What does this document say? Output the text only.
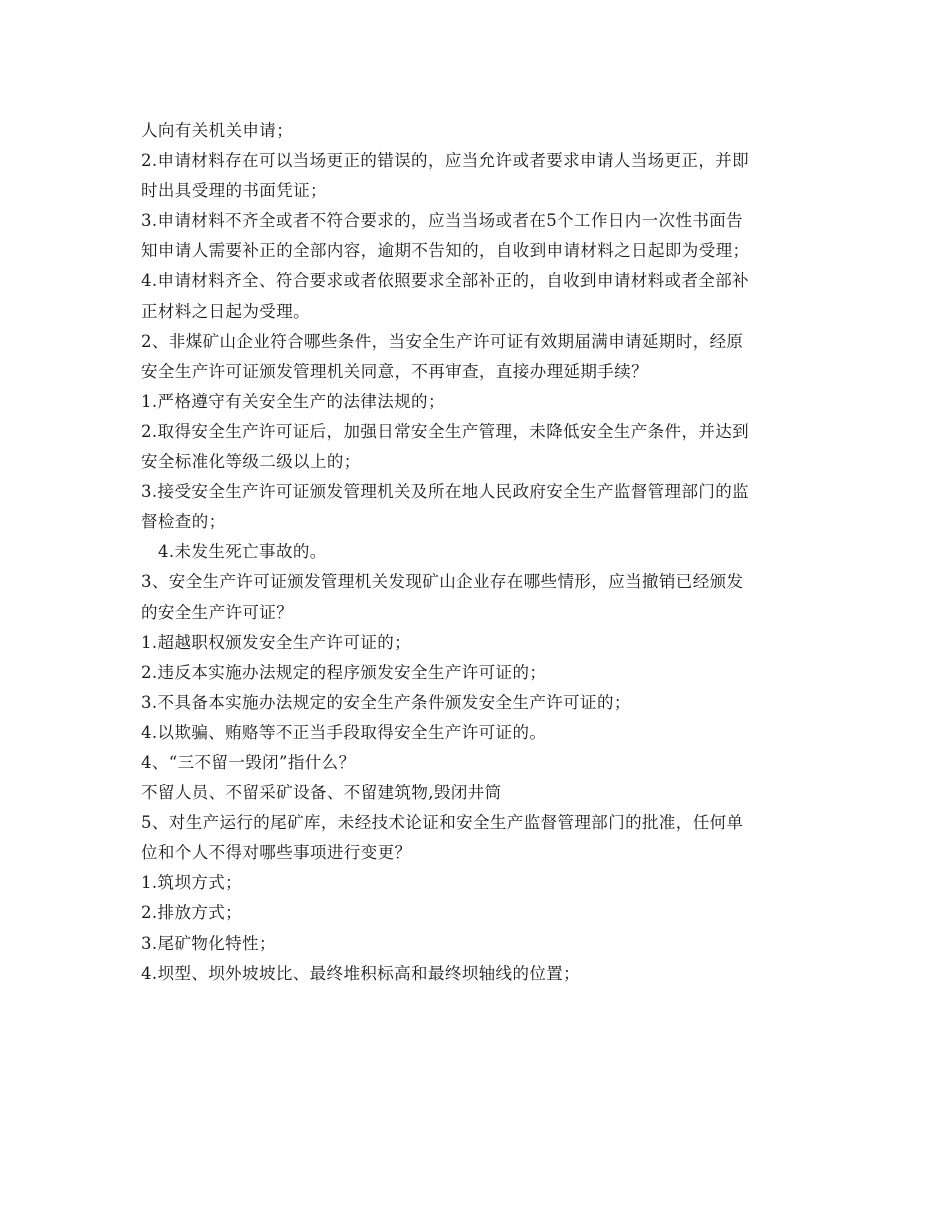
人向有关机关申请；
2.申请材料存在可以当场更正的错误的，应当允许或者要求申请人当场更正，并即
时出具受理的书面凭证；
3.申请材料不齐全或者不符合要求的，应当当场或者在5个工作日内一次性书面告
知申请人需要补正的全部内容，逾期不告知的，自收到申请材料之日起即为受理；
4.申请材料齐全、符合要求或者依照要求全部补正的，自收到申请材料或者全部补
正材料之日起为受理。
2、非煤矿山企业符合哪些条件，当安全生产许可证有效期届满申请延期时，经原
安全生产许可证颁发管理机关同意，不再审查，直接办理延期手续？
1.严格遵守有关安全生产的法律法规的；
2.取得安全生产许可证后，加强日常安全生产管理，未降低安全生产条件，并达到
安全标准化等级二级以上的；
3.接受安全生产许可证颁发管理机关及所在地人民政府安全生产监督管理部门的监
督检查的；
4.未发生死亡事故的。
3、安全生产许可证颁发管理机关发现矿山企业存在哪些情形，应当撤销已经颁发
的安全生产许可证？
1.超越职权颁发安全生产许可证的；
2.违反本实施办法规定的程序颁发安全生产许可证的；
3.不具备本实施办法规定的安全生产条件颁发安全生产许可证的；
4.以欺骗、贿赂等不正当手段取得安全生产许可证的。
4、“三不留一毁闭”指什么？
不留人员、不留采矿设备、不留建筑物,毁闭井筒
5、对生产运行的尾矿库，未经技术论证和安全生产监督管理部门的批准，任何单
位和个人不得对哪些事项进行变更？
1.筑坝方式；
2.排放方式；
3.尾矿物化特性；
4.坝型、坝外坡坡比、最终堆积标高和最终坝轴线的位置；
